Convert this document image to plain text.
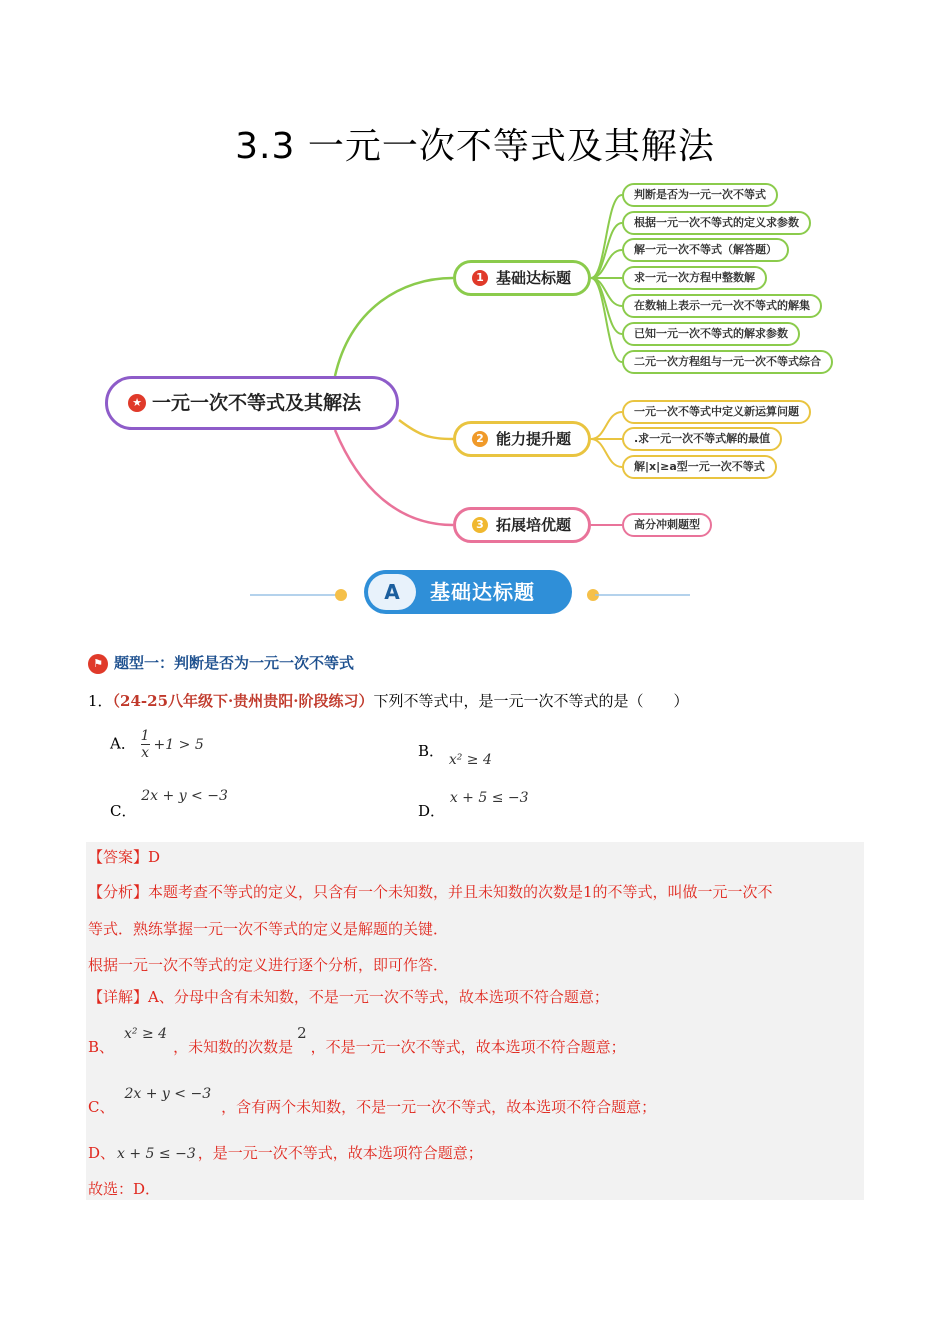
3.3 一元一次不等式及其解法
★ 一元一次不等式及其解法
1 基础达标题
2 能力提升题
3 拓展培优题
判断是否为一元一次不等式
根据一元一次不等式的定义求参数
解一元一次不等式（解答题）
求一元一次方程中整数解
在数轴上表示一元一次不等式的解集
已知一元一次不等式的解求参数
二元一次方程组与一元一次不等式综合
一元一次不等式中定义新运算问题
.求一元一次不等式解的最值
解|x|≥a型一元一次不等式
高分冲刺题型
A	基础达标题
⚑ 题型一：判断是否为一元一次不等式
1．（24-25八年级下·贵州贵阳·阶段练习）下列不等式中，是一元一次不等式的是（　　）
A． $\frac{1}{x} +1 > 5$	B． x² ≥ 4
C． 2x + y < −3
D． x + 5 ≤ −3
【答案】D
【分析】本题考查不等式的定义，只含有一个未知数，并且未知数的次数是1的不等式，叫做一元一次不
等式．熟练掌握一元一次不等式的定义是解题的关键．
根据一元一次不等式的定义进行逐个分析，即可作答．
【详解】A、分母中含有未知数，不是一元一次不等式，故本选项不符合题意；
B、x² ≥ 4，未知数的次数是2，不是一元一次不等式，故本选项不符合题意；
C、2x + y < −3，含有两个未知数，不是一元一次不等式，故本选项不符合题意；
D、 x + 5 ≤ −3 ，是一元一次不等式，故本选项符合题意；
故选：D．
